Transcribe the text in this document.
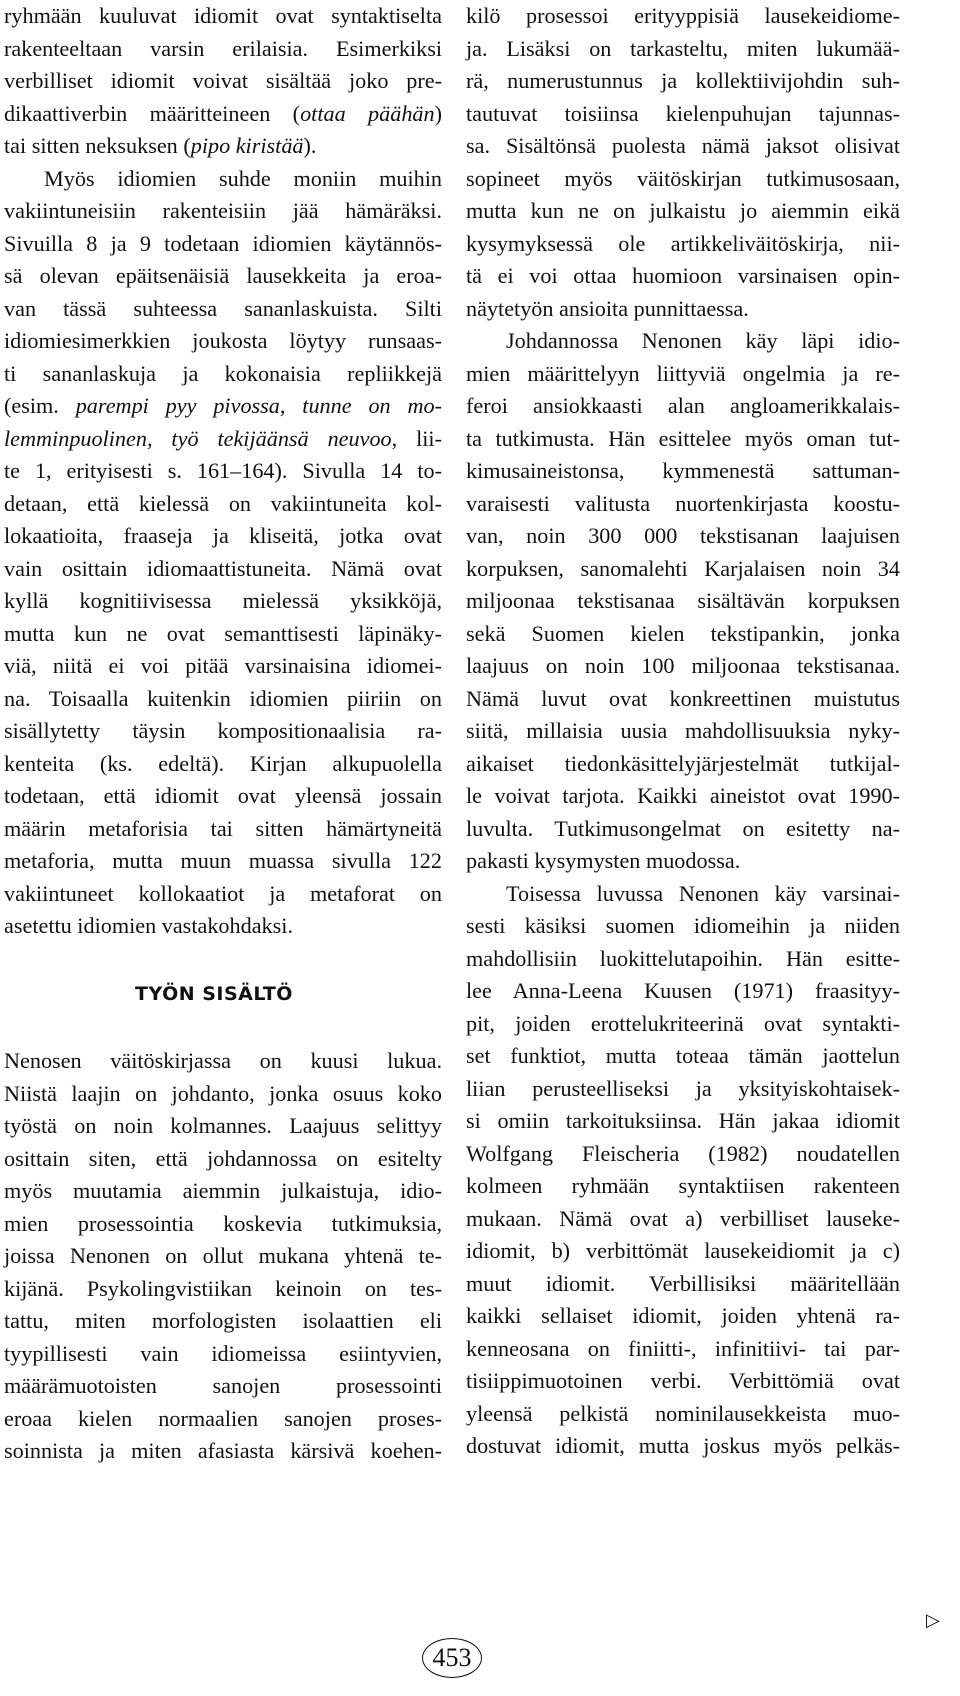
ryhmään kuuluvat idiomit ovat syntaktiselta
rakenteeltaan varsin erilaisia. Esimerkiksi
verbilliset idiomit voivat sisältää joko pre-
dikaattiverbin määritteineen (ottaa päähän)
tai sitten neksuksen (pipo kiristää).
Myös idiomien suhde moniin muihin
vakiintuneisiin rakenteisiin jää hämäräksi.
Sivuilla 8 ja 9 todetaan idiomien käytännös-
sä olevan epäitsenäisiä lausekkeita ja eroa-
van tässä suhteessa sananlaskuista. Silti
idiomiesimerkkien joukosta löytyy runsaas-
ti sananlaskuja ja kokonaisia repliikkejä
(esim. parempi pyy pivossa, tunne on mo-
lemminpuolinen, työ tekijäänsä neuvoo, lii-
te 1, erityisesti s. 161–164). Sivulla 14 to-
detaan, että kielessä on vakiintuneita kol-
lokaatioita, fraaseja ja kliseitä, jotka ovat
vain osittain idiomaattistuneita. Nämä ovat
kyllä kognitiivisessa mielessä yksikköjä,
mutta kun ne ovat semanttisesti läpinäky-
viä, niitä ei voi pitää varsinaisina idiomei-
na. Toisaalla kuitenkin idiomien piiriin on
sisällytetty täysin kompositionaalisia ra-
kenteita (ks. edeltä). Kirjan alkupuolella
todetaan, että idiomit ovat yleensä jossain
määrin metaforisia tai sitten hämärtyneitä
metaforia, mutta muun muassa sivulla 122
vakiintuneet kollokaatiot ja metaforat on
asetettu idiomien vastakohdaksi.
TYÖN SISÄLTÖ
Nenosen väitöskirjassa on kuusi lukua.
Niistä laajin on johdanto, jonka osuus koko
työstä on noin kolmannes. Laajuus selittyy
osittain siten, että johdannossa on esitelty
myös muutamia aiemmin julkaistuja, idio-
mien prosessointia koskevia tutkimuksia,
joissa Nenonen on ollut mukana yhtenä te-
kijänä. Psykolingvistiikan keinoin on tes-
tattu, miten morfologisten isolaattien eli
tyypillisesti vain idiomeissa esiintyvien,
määrämuotoisten sanojen prosessointi
eroaa kielen normaalien sanojen proses-
soinnista ja miten afasiasta kärsivä koehen-
kilö prosessoi erityyppisiä lausekeidiome-
ja. Lisäksi on tarkasteltu, miten lukumää-
rä, numerustunnus ja kollektiivijohdin suh-
tautuvat toisiinsa kielenpuhujan tajunnas-
sa. Sisältönsä puolesta nämä jaksot olisivat
sopineet myös väitöskirjan tutkimusosaan,
mutta kun ne on julkaistu jo aiemmin eikä
kysymyksessä ole artikkeliväitöskirja, nii-
tä ei voi ottaa huomioon varsinaisen opin-
näytetyön ansioita punnittaessa.
Johdannossa Nenonen käy läpi idio-
mien määrittelyyn liittyviä ongelmia ja re-
feroi ansiokkaasti alan angloamerikkalais-
ta tutkimusta. Hän esittelee myös oman tut-
kimusaineistonsa, kymmenestä sattuman-
varaisesti valitusta nuortenkirjasta koostu-
van, noin 300 000 tekstisanan laajuisen
korpuksen, sanomalehti Karjalaisen noin 34
miljoonaa tekstisanaa sisältävän korpuksen
sekä Suomen kielen tekstipankin, jonka
laajuus on noin 100 miljoonaa tekstisanaa.
Nämä luvut ovat konkreettinen muistutus
siitä, millaisia uusia mahdollisuuksia nyky-
aikaiset tiedonkäsittelyjärjestelmät tutkijal-
le voivat tarjota. Kaikki aineistot ovat 1990-
luvulta. Tutkimusongelmat on esitetty na-
pakasti kysymysten muodossa.
Toisessa luvussa Nenonen käy varsinai-
sesti käsiksi suomen idiomeihin ja niiden
mahdollisiin luokittelutapoihin. Hän esitte-
lee Anna-Leena Kuusen (1971) fraasityy-
pit, joiden erottelukriteerinä ovat syntakti-
set funktiot, mutta toteaa tämän jaottelun
liian perusteelliseksi ja yksityiskohtaisek-
si omiin tarkoituksiinsa. Hän jakaa idiomit
Wolfgang Fleischeria (1982) noudatellen
kolmeen ryhmään syntaktiisen rakenteen
mukaan. Nämä ovat a) verbilliset lauseke-
idiomit, b) verbittömät lausekeidiomit ja c)
muut idiomit. Verbillisiksi määritellään
kaikki sellaiset idiomit, joiden yhtenä ra-
kenneosana on finiitti-, infinitiivi- tai par-
tisiippimuotoinen verbi. Verbittömiä ovat
yleensä pelkistä nominilausekkeista muo-
dostuvat idiomit, mutta joskus myös pelkäs-
▷
453
